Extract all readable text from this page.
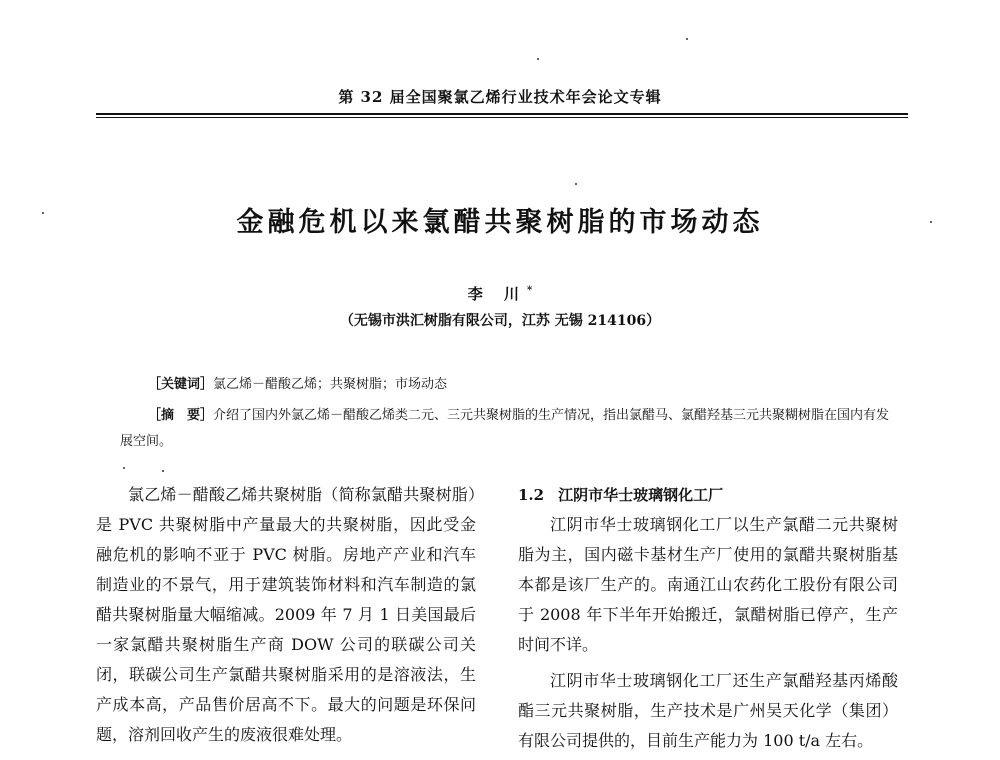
第 32 届全国聚氯乙烯行业技术年会论文专辑
金融危机以来氯醋共聚树脂的市场动态
李 川*
（无锡市洪汇树脂有限公司，江苏 无锡 214106）
［关键词］氯乙烯－醋酸乙烯；共聚树脂；市场动态
［摘　要］介绍了国内外氯乙烯－醋酸乙烯类二元、三元共聚树脂的生产情况，指出氯醋马、氯醋羟基三元共聚糊树脂在国内有发展空间。

氯乙烯－醋酸乙烯共聚树脂（简称氯醋共聚树脂）是 PVC 共聚树脂中产量最大的共聚树脂，因此受金融危机的影响不亚于 PVC 树脂。房地产产业和汽车制造业的不景气，用于建筑装饰材料和汽车制造的氯醋共聚树脂量大幅缩减。2009 年 7 月 1 日美国最后一家氯醋共聚树脂生产商 DOW 公司的联碳公司关闭，联碳公司生产氯醋共聚树脂采用的是溶液法，生产成本高，产品售价居高不下。最大的问题是环保问题，溶剂回收产生的废液很难处理。

1.2 江阴市华士玻璃钢化工厂

江阴市华士玻璃钢化工厂以生产氯醋二元共聚树脂为主，国内磁卡基材生产厂使用的氯醋共聚树脂基本都是该厂生产的。南通江山农药化工股份有限公司于 2008 年下半年开始搬迁，氯醋树脂已停产，生产时间不详。

江阴市华士玻璃钢化工厂还生产氯醋羟基丙烯酸酯三元共聚树脂，生产技术是广州吴天化学（集团）有限公司提供的，目前生产能力为 100 t/a 左右。
